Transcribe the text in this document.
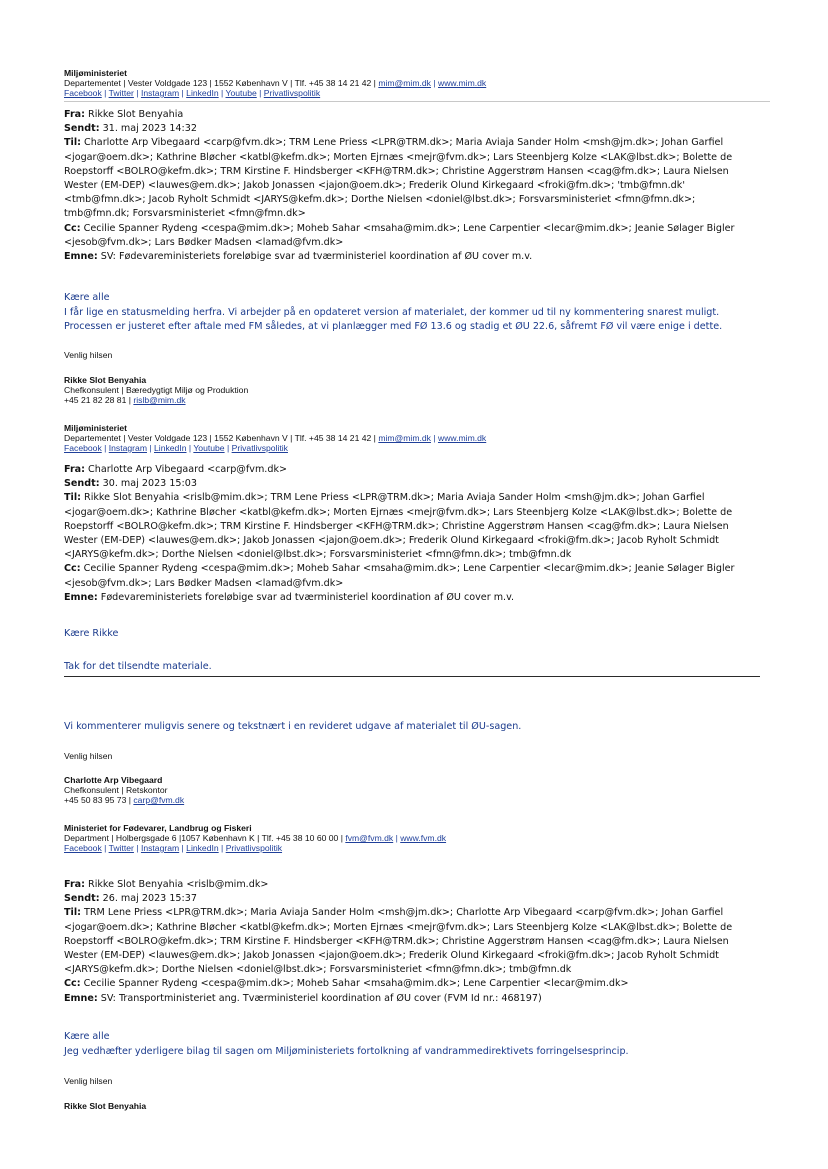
Miljøministeriet
Departementet | Vester Voldgade 123 | 1552 København V | Tlf. +45 38 14 21 42 | mim@mim.dk | www.mim.dk
Facebook | Twitter | Instagram | LinkedIn | Youtube | Privatlivspolitik
Fra: Rikke Slot Benyahia
Sendt: 31. maj 2023 14:32
Til: Charlotte Arp Vibegaard <carp@fvm.dk>; TRM Lene Priess <LPR@TRM.dk>; Maria Aviaja Sander Holm <msh@jm.dk>; Johan Garfiel
<jogar@oem.dk>; Kathrine Bløcher <katbl@kefm.dk>; Morten Ejrnæs <mejr@fvm.dk>; Lars Steenbjerg Kolze <LAK@lbst.dk>; Bolette de
Roepstorff <BOLRO@kefm.dk>; TRM Kirstine F. Hindsberger <KFH@TRM.dk>; Christine Aggerstrøm Hansen <cag@fm.dk>; Laura Nielsen
Wester (EM-DEP) <lauwes@em.dk>; Jakob Jonassen <jajon@oem.dk>; Frederik Olund Kirkegaard <froki@fm.dk>; 'tmb@fmn.dk'
<tmb@fmn.dk>; Jacob Ryholt Schmidt <JARYS@kefm.dk>; Dorthe Nielsen <doniel@lbst.dk>; Forsvarsministeriet <fmn@fmn.dk>;
tmb@fmn.dk; Forsvarsministeriet <fmn@fmn.dk>
Cc: Cecilie Spanner Rydeng <cespa@mim.dk>; Moheb Sahar <msaha@mim.dk>; Lene Carpentier <lecar@mim.dk>; Jeanie Sølager Bigler
<jesob@fvm.dk>; Lars Bødker Madsen <lamad@fvm.dk>
Emne: SV: Fødevareministeriets foreløbige svar ad tværministeriel koordination af ØU cover m.v.
Kære alle
I får lige en statusmelding herfra. Vi arbejder på en opdateret version af materialet, der kommer ud til ny kommentering snarest muligt.
Processen er justeret efter aftale med FM således, at vi planlægger med FØ 13.6 og stadig et ØU 22.6, såfremt FØ vil være enige i dette.
Venlig hilsen
Rikke Slot Benyahia
Chefkonsulent | Bæredygtigt Miljø og Produktion
+45 21 82 28 81 | rislb@mim.dk
Miljøministeriet
Departementet | Vester Voldgade 123 | 1552 København V | Tlf. +45 38 14 21 42 | mim@mim.dk | www.mim.dk
Facebook | Instagram | LinkedIn | Youtube | Privatlivspolitik
Fra: Charlotte Arp Vibegaard <carp@fvm.dk>
Sendt: 30. maj 2023 15:03
Til: Rikke Slot Benyahia <rislb@mim.dk>; TRM Lene Priess <LPR@TRM.dk>; Maria Aviaja Sander Holm <msh@jm.dk>; Johan Garfiel
<jogar@oem.dk>; Kathrine Bløcher <katbl@kefm.dk>; Morten Ejrnæs <mejr@fvm.dk>; Lars Steenbjerg Kolze <LAK@lbst.dk>; Bolette de
Roepstorff <BOLRO@kefm.dk>; TRM Kirstine F. Hindsberger <KFH@TRM.dk>; Christine Aggerstrøm Hansen <cag@fm.dk>; Laura Nielsen
Wester (EM-DEP) <lauwes@em.dk>; Jakob Jonassen <jajon@oem.dk>; Frederik Olund Kirkegaard <froki@fm.dk>; Jacob Ryholt Schmidt
<JARYS@kefm.dk>; Dorthe Nielsen <doniel@lbst.dk>; Forsvarsministeriet <fmn@fmn.dk>; tmb@fmn.dk
Cc: Cecilie Spanner Rydeng <cespa@mim.dk>; Moheb Sahar <msaha@mim.dk>; Lene Carpentier <lecar@mim.dk>; Jeanie Sølager Bigler
<jesob@fvm.dk>; Lars Bødker Madsen <lamad@fvm.dk>
Emne: Fødevareministeriets foreløbige svar ad tværministeriel koordination af ØU cover m.v.
Kære Rikke
Tak for det tilsendte materiale.
Vi kommenterer muligvis senere og tekstnært i en revideret udgave af materialet til ØU-sagen.
Venlig hilsen
Charlotte Arp Vibegaard
Chefkonsulent | Retskontor
+45 50 83 95 73 | carp@fvm.dk
Ministeriet for Fødevarer, Landbrug og Fiskeri
Department | Holbergsgade 6 |1057 København K | Tlf. +45 38 10 60 00 | fvm@fvm.dk | www.fvm.dk
Facebook | Twitter | Instagram | LinkedIn | Privatlivspolitik
Fra: Rikke Slot Benyahia <rislb@mim.dk>
Sendt: 26. maj 2023 15:37
Til: TRM Lene Priess <LPR@TRM.dk>; Maria Aviaja Sander Holm <msh@jm.dk>; Charlotte Arp Vibegaard <carp@fvm.dk>; Johan Garfiel
<jogar@oem.dk>; Kathrine Bløcher <katbl@kefm.dk>; Morten Ejrnæs <mejr@fvm.dk>; Lars Steenbjerg Kolze <LAK@lbst.dk>; Bolette de
Roepstorff <BOLRO@kefm.dk>; TRM Kirstine F. Hindsberger <KFH@TRM.dk>; Christine Aggerstrøm Hansen <cag@fm.dk>; Laura Nielsen
Wester (EM-DEP) <lauwes@em.dk>; Jakob Jonassen <jajon@oem.dk>; Frederik Olund Kirkegaard <froki@fm.dk>; Jacob Ryholt Schmidt
<JARYS@kefm.dk>; Dorthe Nielsen <doniel@lbst.dk>; Forsvarsministeriet <fmn@fmn.dk>; tmb@fmn.dk
Cc: Cecilie Spanner Rydeng <cespa@mim.dk>; Moheb Sahar <msaha@mim.dk>; Lene Carpentier <lecar@mim.dk>
Emne: SV: Transportministeriet ang. Tværministeriel koordination af ØU cover (FVM Id nr.: 468197)
Kære alle
Jeg vedhæfter yderligere bilag til sagen om Miljøministeriets fortolkning af vandrammedirektivets forringelsesprincip.
Venlig hilsen
Rikke Slot Benyahia
